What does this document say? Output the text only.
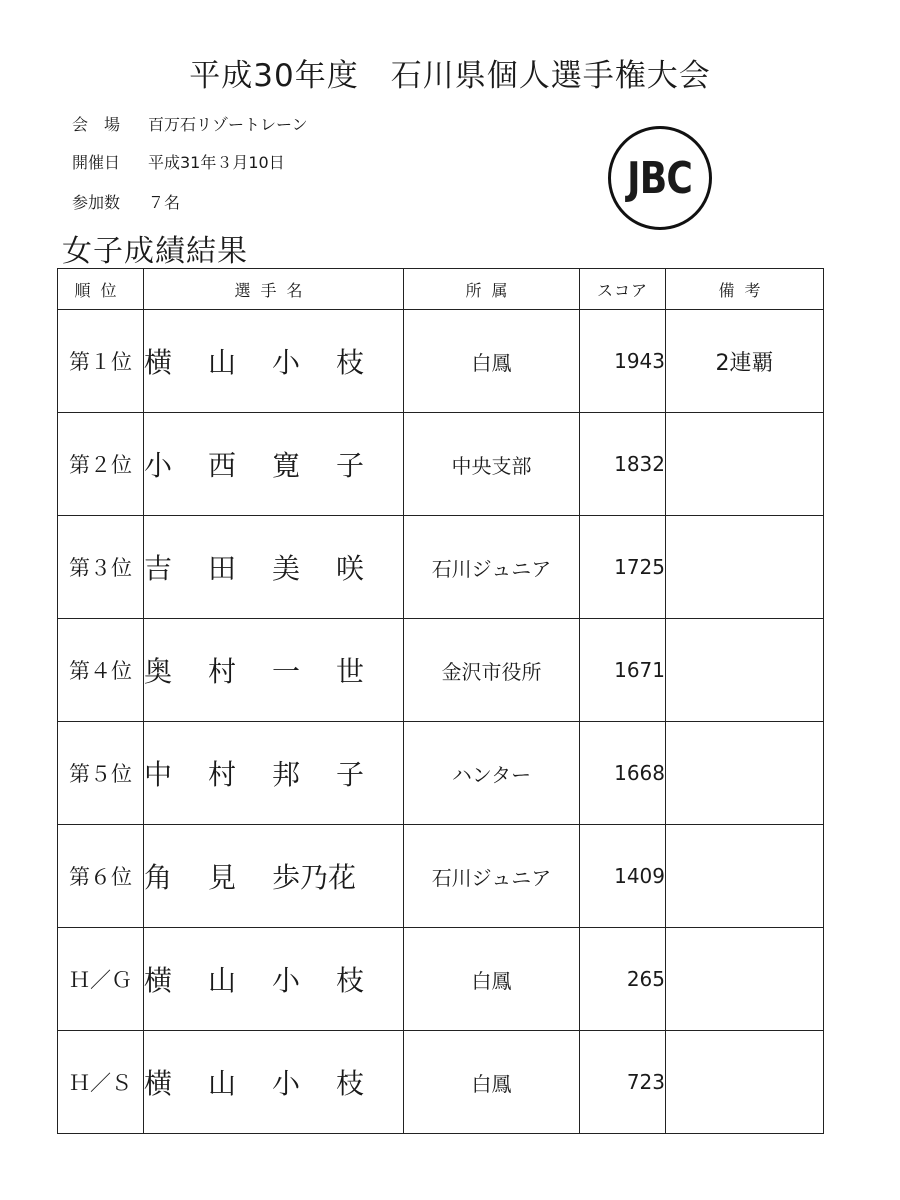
平成30年度　石川県個人選手権大会
会　場	百万石リゾートレーン
開催日	平成31年３月10日
参加数	７名	JBC
女子成績結果
順位	選手名	所属	スコア	備考
第１位	横 山 小 枝	白鳳	1943	2連覇
第２位	小 西 寛 子	中央支部	1832	
第３位	吉 田 美 咲	石川ジュニア	1725	
第４位	奥 村 一 世	金沢市役所	1671	
第５位	中 村 邦 子	ハンター	1668	
第６位	角 見 歩乃花	石川ジュニア	1409	
Ｈ／Ｇ	横 山 小 枝	白鳳	265	
Ｈ／Ｓ	横 山 小 枝	白鳳	723	
